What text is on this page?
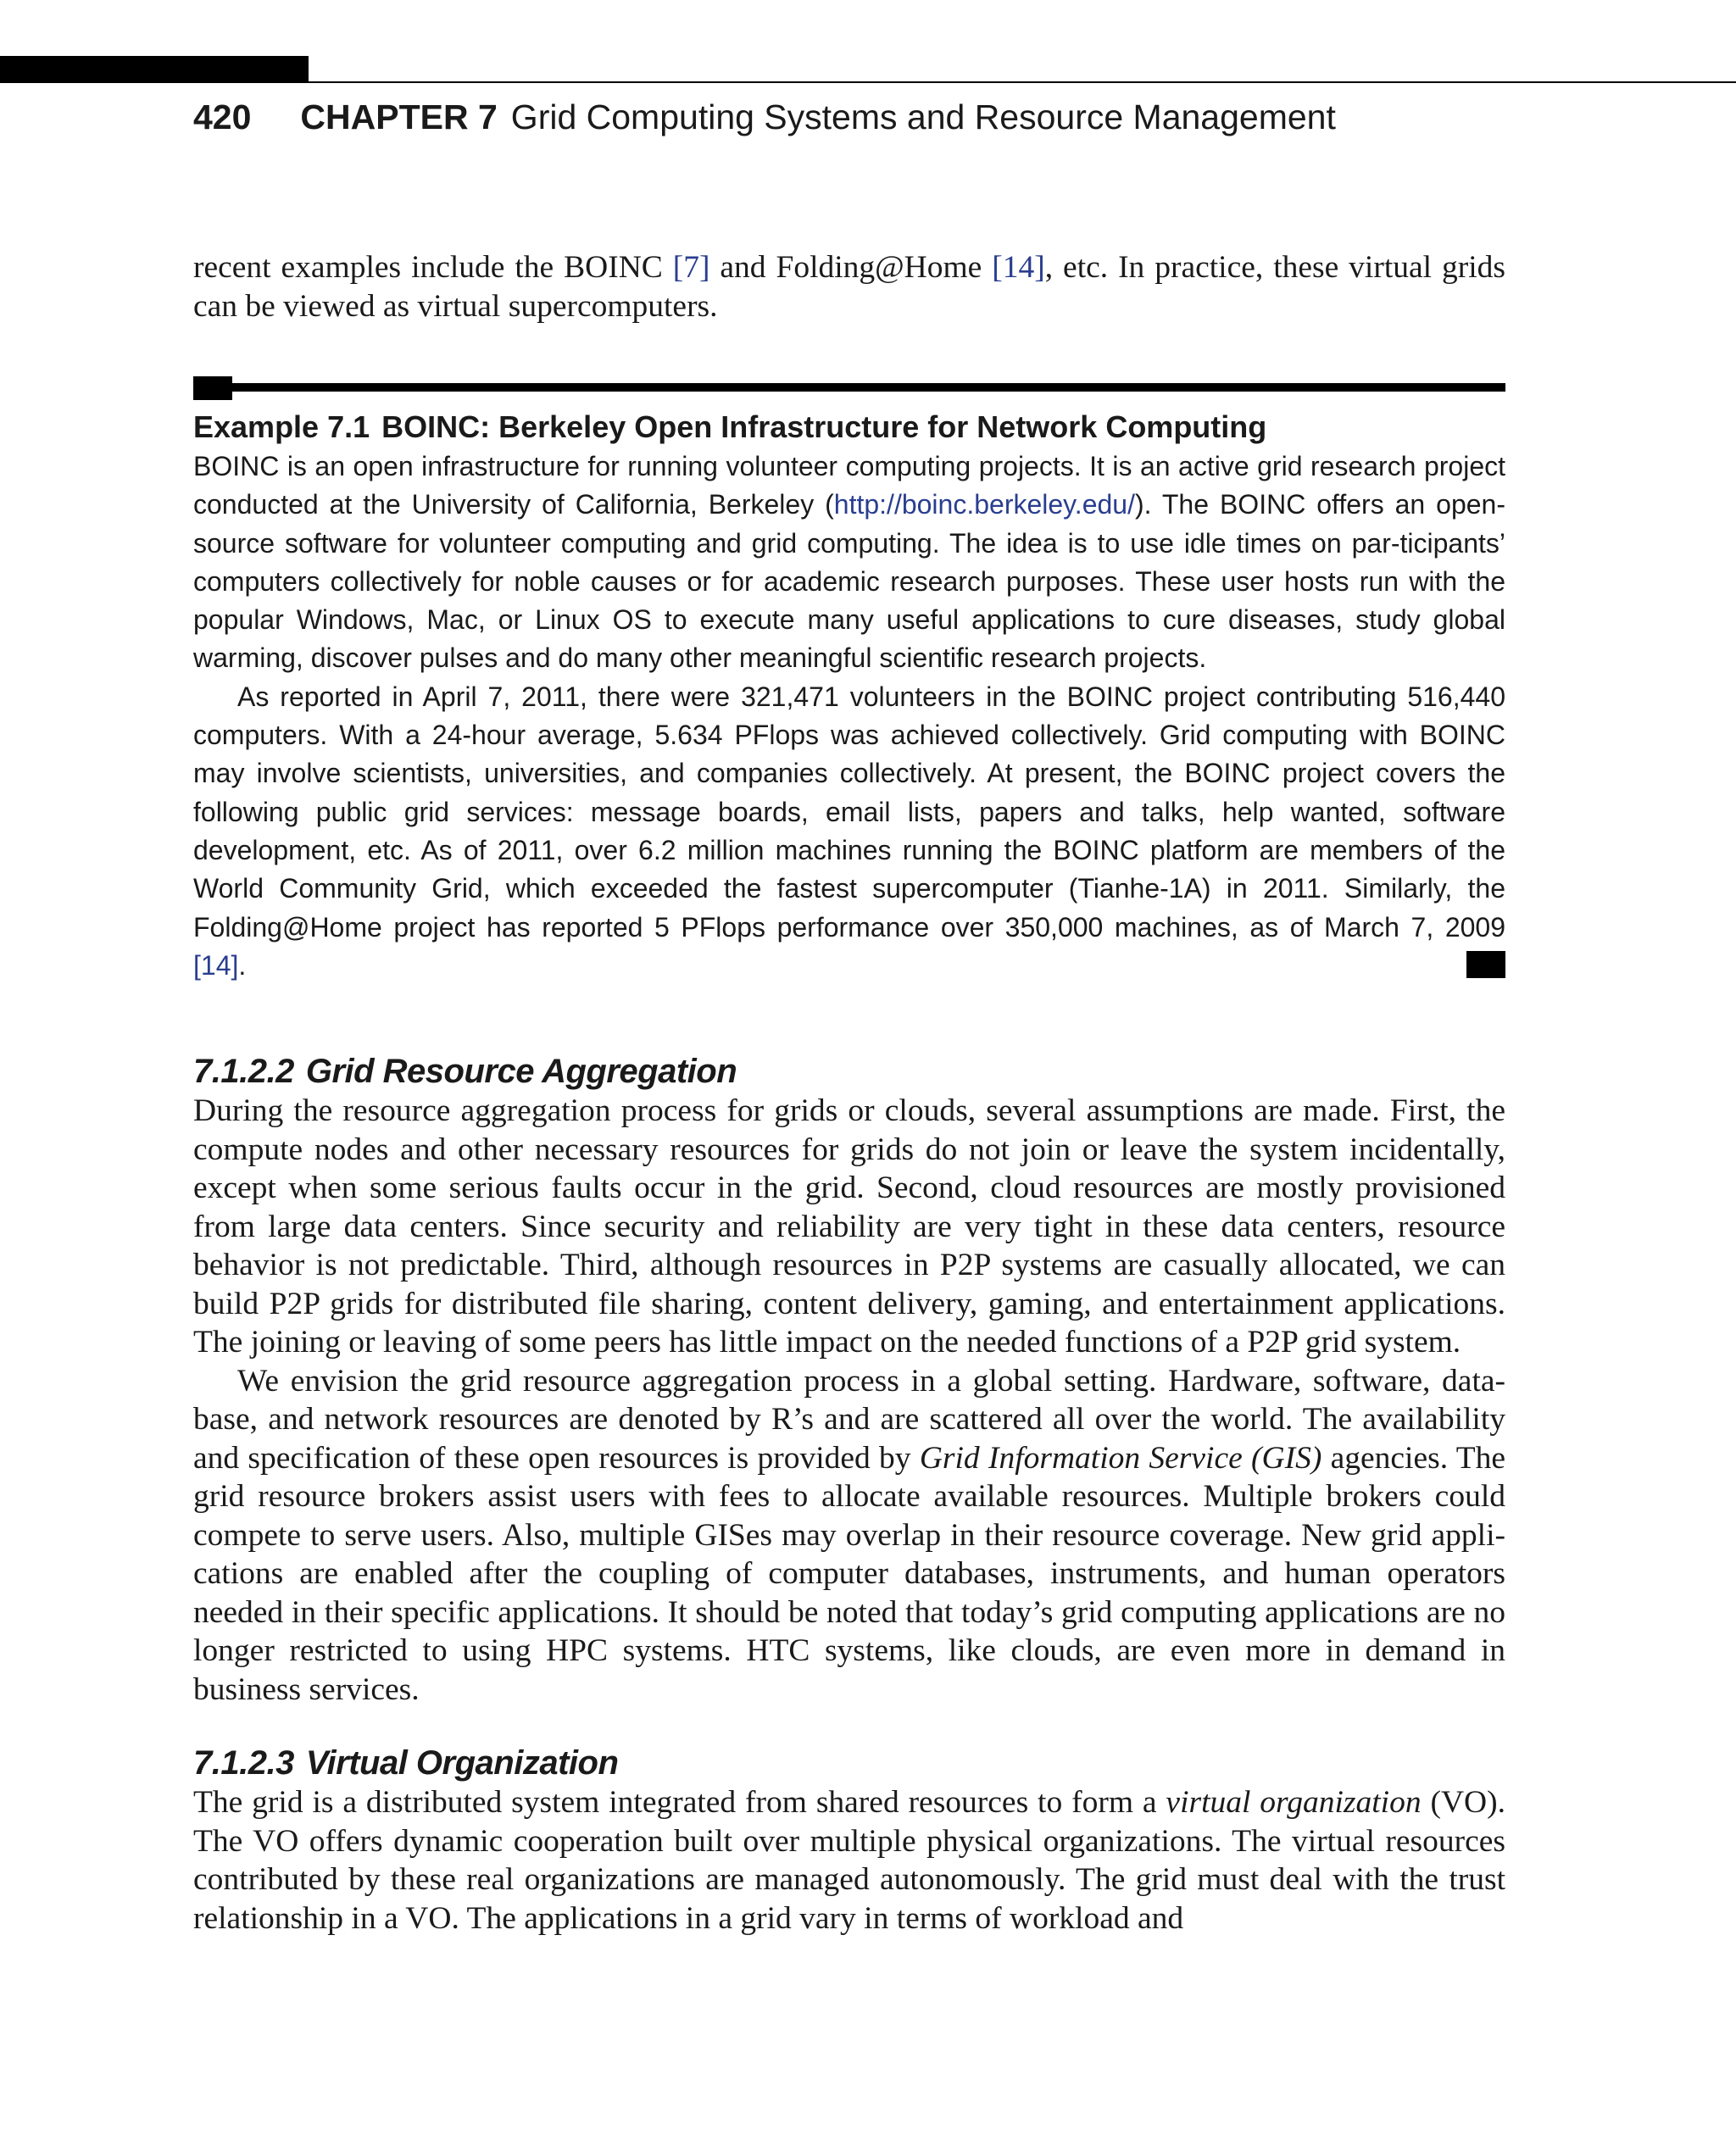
420 CHAPTER 7 Grid Computing Systems and Resource Management

recent examples include the BOINC [7] and Folding@Home [14], etc. In practice, these virtual grids can be viewed as virtual supercomputers.

Example 7.1 BOINC: Berkeley Open Infrastructure for Network Computing

BOINC is an open infrastructure for running volunteer computing projects. It is an active grid research project conducted at the University of California, Berkeley (http://boinc.berkeley.edu/). The BOINC offers an open-source software for volunteer computing and grid computing. The idea is to use idle times on par-ticipants’ computers collectively for noble causes or for academic research purposes. These user hosts run with the popular Windows, Mac, or Linux OS to execute many useful applications to cure diseases, study global warming, discover pulses and do many other meaningful scientific research projects.

As reported in April 7, 2011, there were 321,471 volunteers in the BOINC project contributing 516,440 computers. With a 24-hour average, 5.634 PFlops was achieved collectively. Grid computing with BOINC may involve scientists, universities, and companies collectively. At present, the BOINC project covers the following public grid services: message boards, email lists, papers and talks, help wanted, software development, etc. As of 2011, over 6.2 million machines running the BOINC platform are members of the World Community Grid, which exceeded the fastest supercomputer (Tianhe-1A) in 2011. Similarly, the Folding@Home project has reported 5 PFlops performance over 350,000 machines, as of March 7, 2009 [14].

7.1.2.2 Grid Resource Aggregation

During the resource aggregation process for grids or clouds, several assumptions are made. First, the compute nodes and other necessary resources for grids do not join or leave the system incidentally, except when some serious faults occur in the grid. Second, cloud resources are mostly provisioned from large data centers. Since security and reliability are very tight in these data centers, resource behavior is not predictable. Third, although resources in P2P systems are casually allocated, we can build P2P grids for distributed file sharing, content delivery, gaming, and entertainment applications. The joining or leaving of some peers has little impact on the needed functions of a P2P grid system.

We envision the grid resource aggregation process in a global setting. Hardware, software, data-base, and network resources are denoted by R’s and are scattered all over the world. The availability and specification of these open resources is provided by Grid Information Service (GIS) agencies. The grid resource brokers assist users with fees to allocate available resources. Multiple brokers could compete to serve users. Also, multiple GISes may overlap in their resource coverage. New grid appli-cations are enabled after the coupling of computer databases, instruments, and human operators needed in their specific applications. It should be noted that today’s grid computing applications are no longer restricted to using HPC systems. HTC systems, like clouds, are even more in demand in business services.

7.1.2.3 Virtual Organization

The grid is a distributed system integrated from shared resources to form a virtual organization (VO). The VO offers dynamic cooperation built over multiple physical organizations. The virtual resources contributed by these real organizations are managed autonomously. The grid must deal with the trust relationship in a VO. The applications in a grid vary in terms of workload and
